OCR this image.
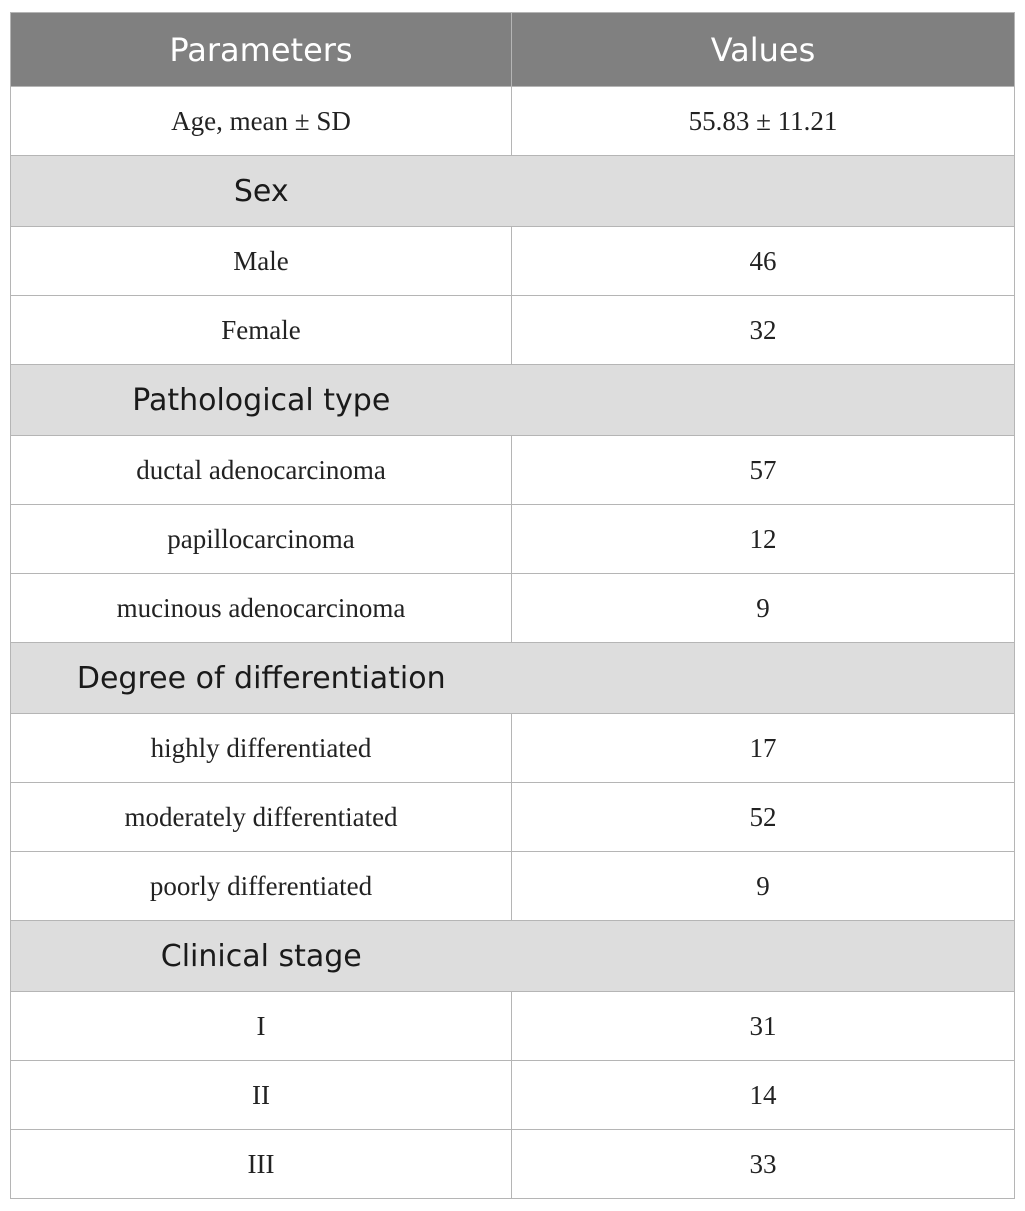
Parameters	Values
Age, mean ± SD	55.83 ± 11.21
Sex	
Male	46
Female	32
Pathological type	
ductal adenocarcinoma	57
papillocarcinoma	12
mucinous adenocarcinoma	9
Degree of differentiation	
highly differentiated	17
moderately differentiated	52
poorly differentiated	9
Clinical stage	
I	31
II	14
III	33
